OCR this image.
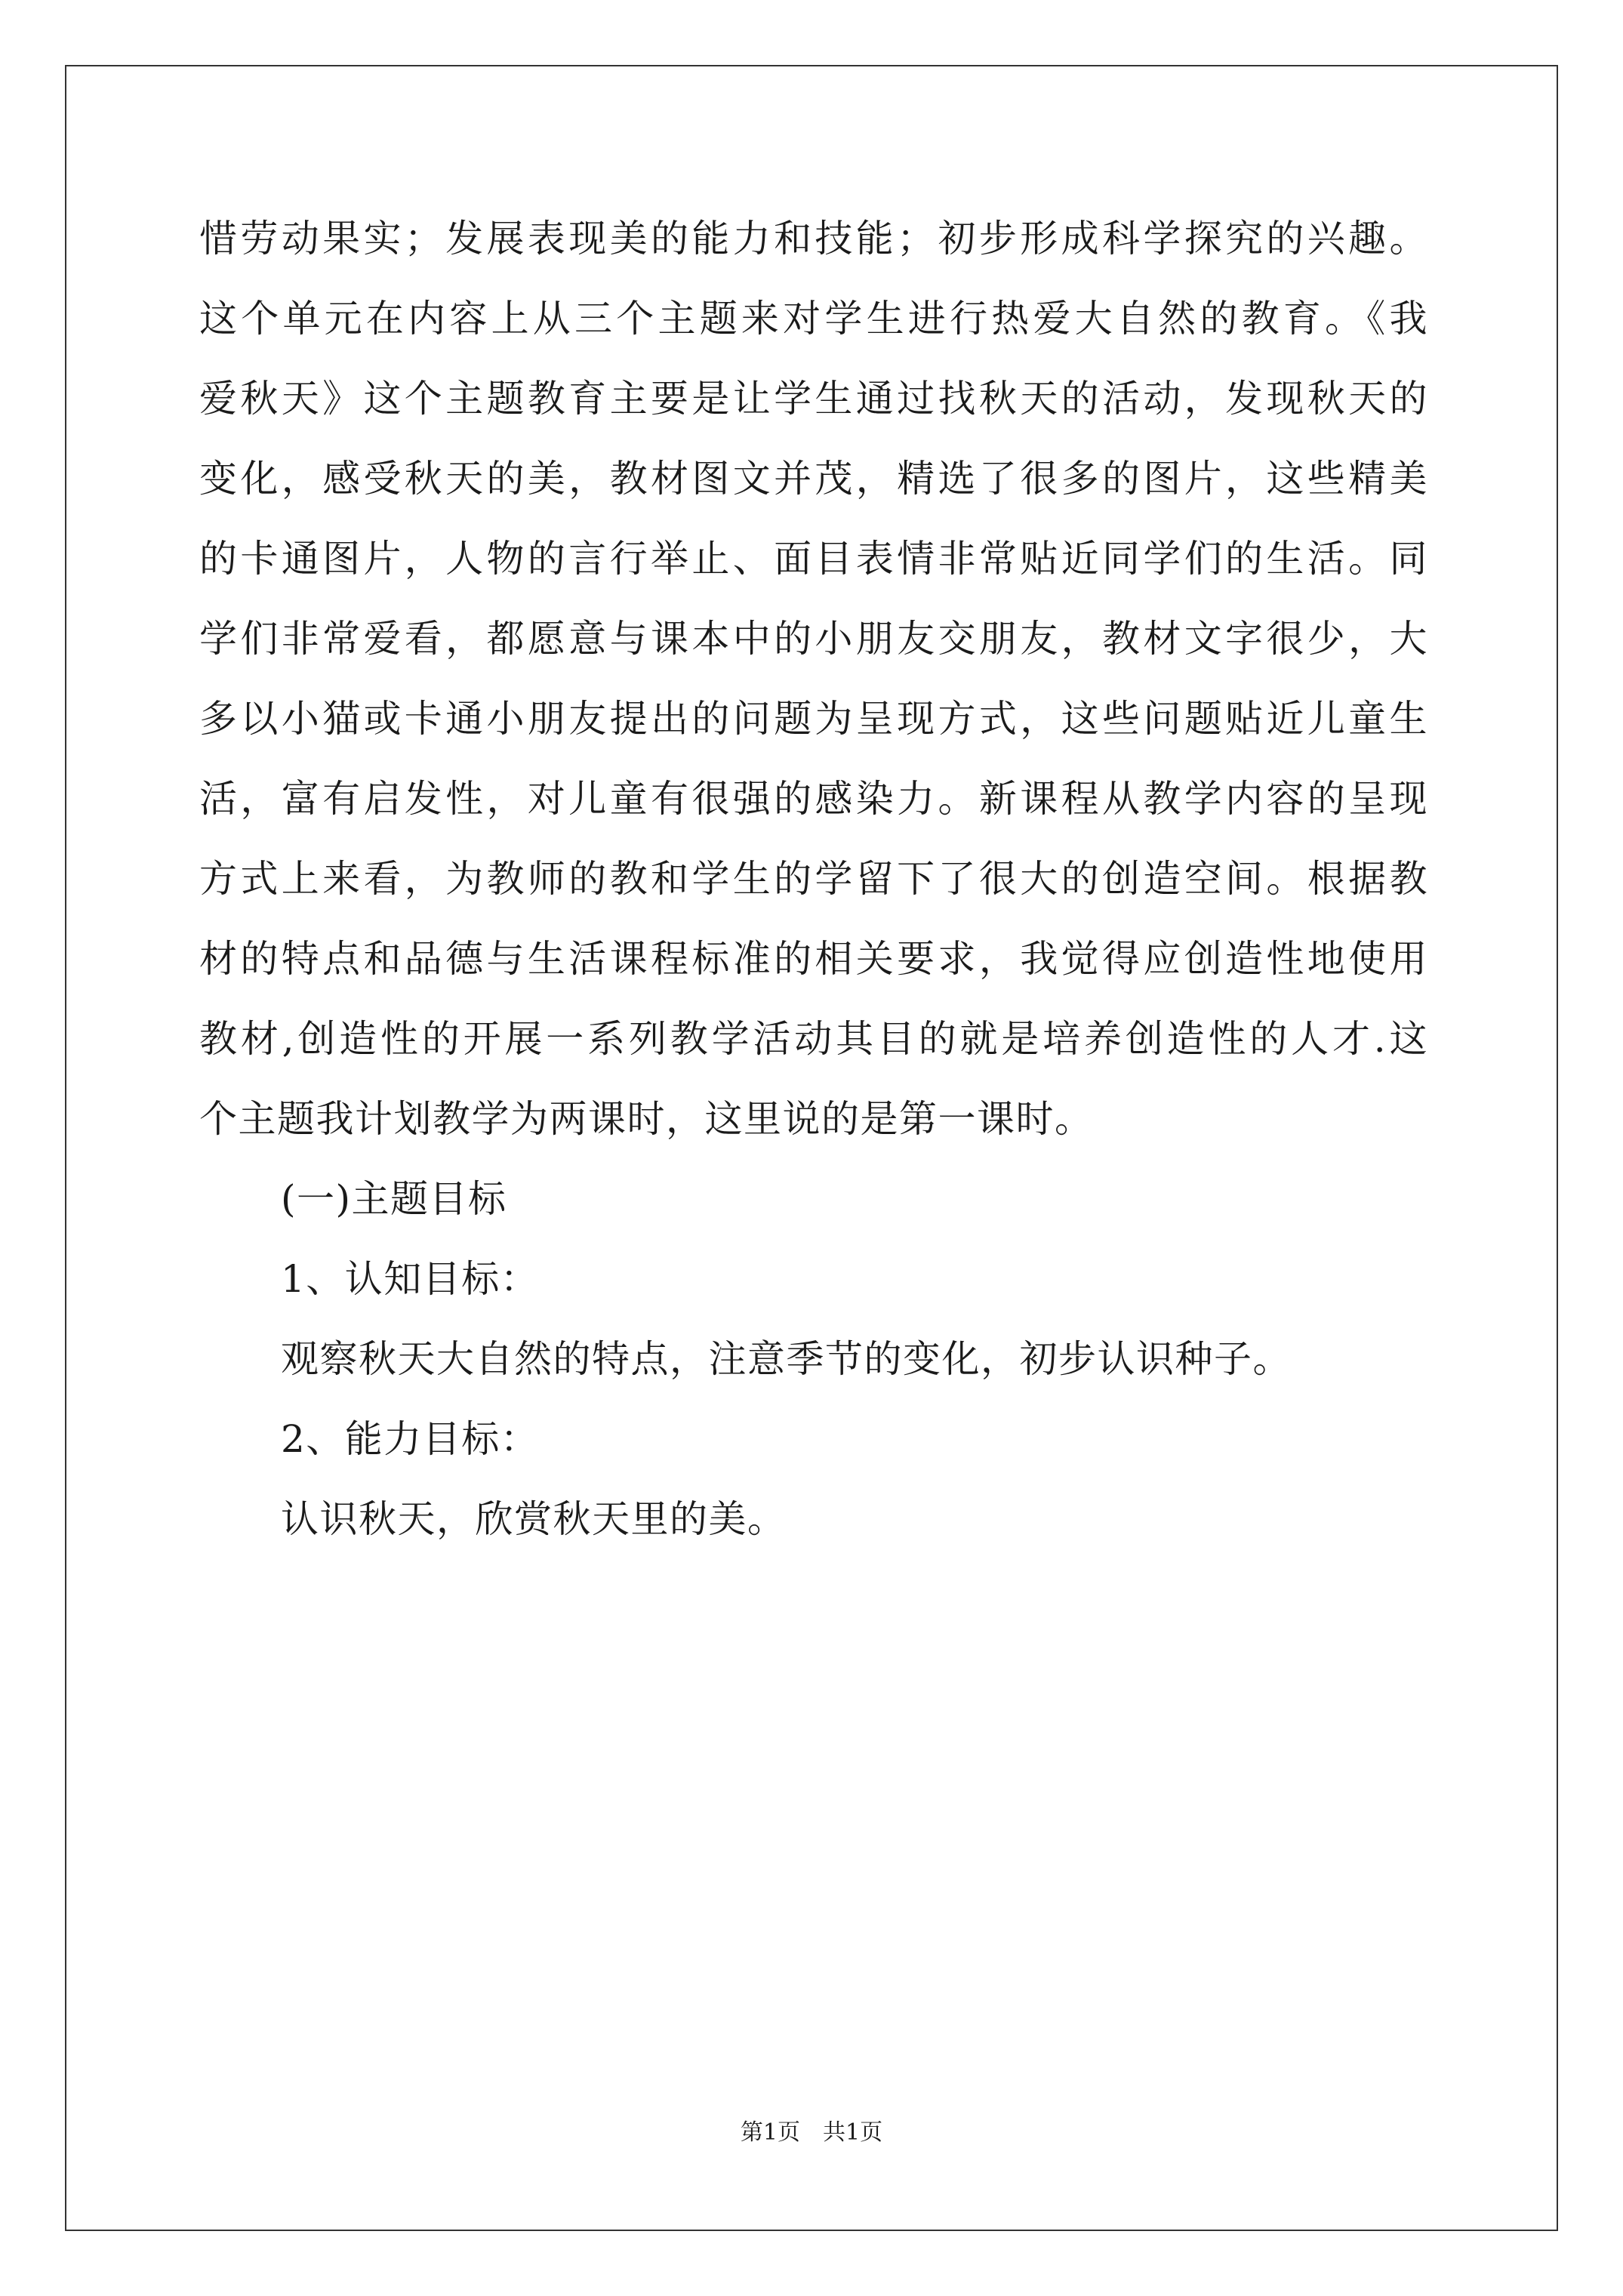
惜劳动果实；发展表现美的能力和技能；初步形成科学探究的兴趣。
这个单元在内容上从三个主题来对学生进行热爱大自然的教育。《我
爱秋天》这个主题教育主要是让学生通过找秋天的活动，发现秋天的
变化，感受秋天的美，教材图文并茂，精选了很多的图片，这些精美
的卡通图片，人物的言行举止、面目表情非常贴近同学们的生活。同
学们非常爱看，都愿意与课本中的小朋友交朋友，教材文字很少，大
多以小猫或卡通小朋友提出的问题为呈现方式，这些问题贴近儿童生
活，富有启发性，对儿童有很强的感染力。新课程从教学内容的呈现
方式上来看，为教师的教和学生的学留下了很大的创造空间。根据教
材的特点和品德与生活课程标准的相关要求，我觉得应创造性地使用
教材,创造性的开展一系列教学活动其目的就是培养创造性的人才.这
个主题我计划教学为两课时，这里说的是第一课时。
(一)主题目标
1、认知目标：
观察秋天大自然的特点，注意季节的变化，初步认识种子。
2、能力目标：
认识秋天，欣赏秋天里的美。
第1页 共1页
